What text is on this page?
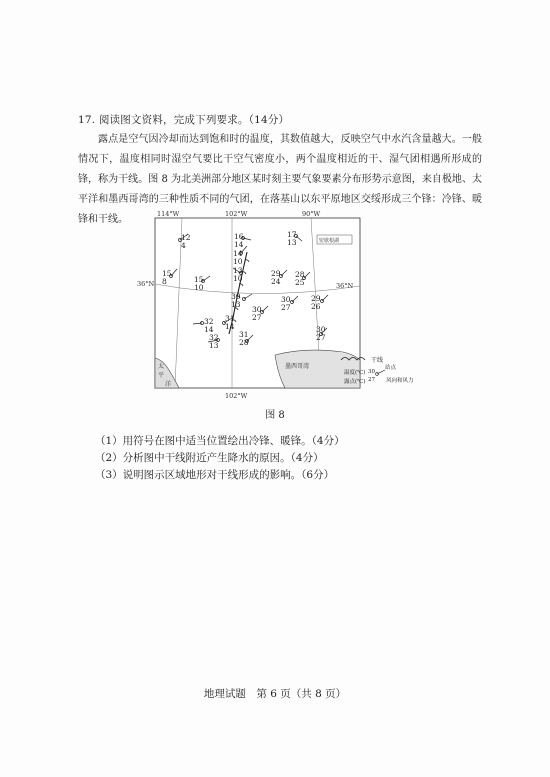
17. 阅读图文资料，完成下列要求。（14分）

露点是空气因冷却而达到饱和时的温度，其数值越大，反映空气中水汽含量越大。一般情况下，温度相同时湿空气要比干空气密度小，两个温度相近的干、湿气团相遇所形成的锋，称为干线。图 8 为北美洲部分地区某时刻主要气象要素分布形势示意图，来自极地、太平洋和墨西哥湾的三种性质不同的气团，在落基山以东平原地区交绥形成三个锋：冷锋、暖锋和干线。

12
4
16
14
14
10
17
13
15
8	15
10
13
10
29
24
28
25
30
13
30
27
30
27
29
26
32
14
31
14
32
13
31
28
30
27
114°W	102°W	90°W
102°W
36°N	36°N
墨西哥湾
太
平
洋
密歇根湖
干线
温度(℃)
露点(℃)
30
27
站点
风向和风力
图 8
（1）用符号在图中适当位置绘出冷锋、暖锋。（4分）
（2）分析图中干线附近产生降水的原因。（4分）
（3）说明图示区域地形对干线形成的影响。（6分）
地理试题　第 6 页（共 8 页）
